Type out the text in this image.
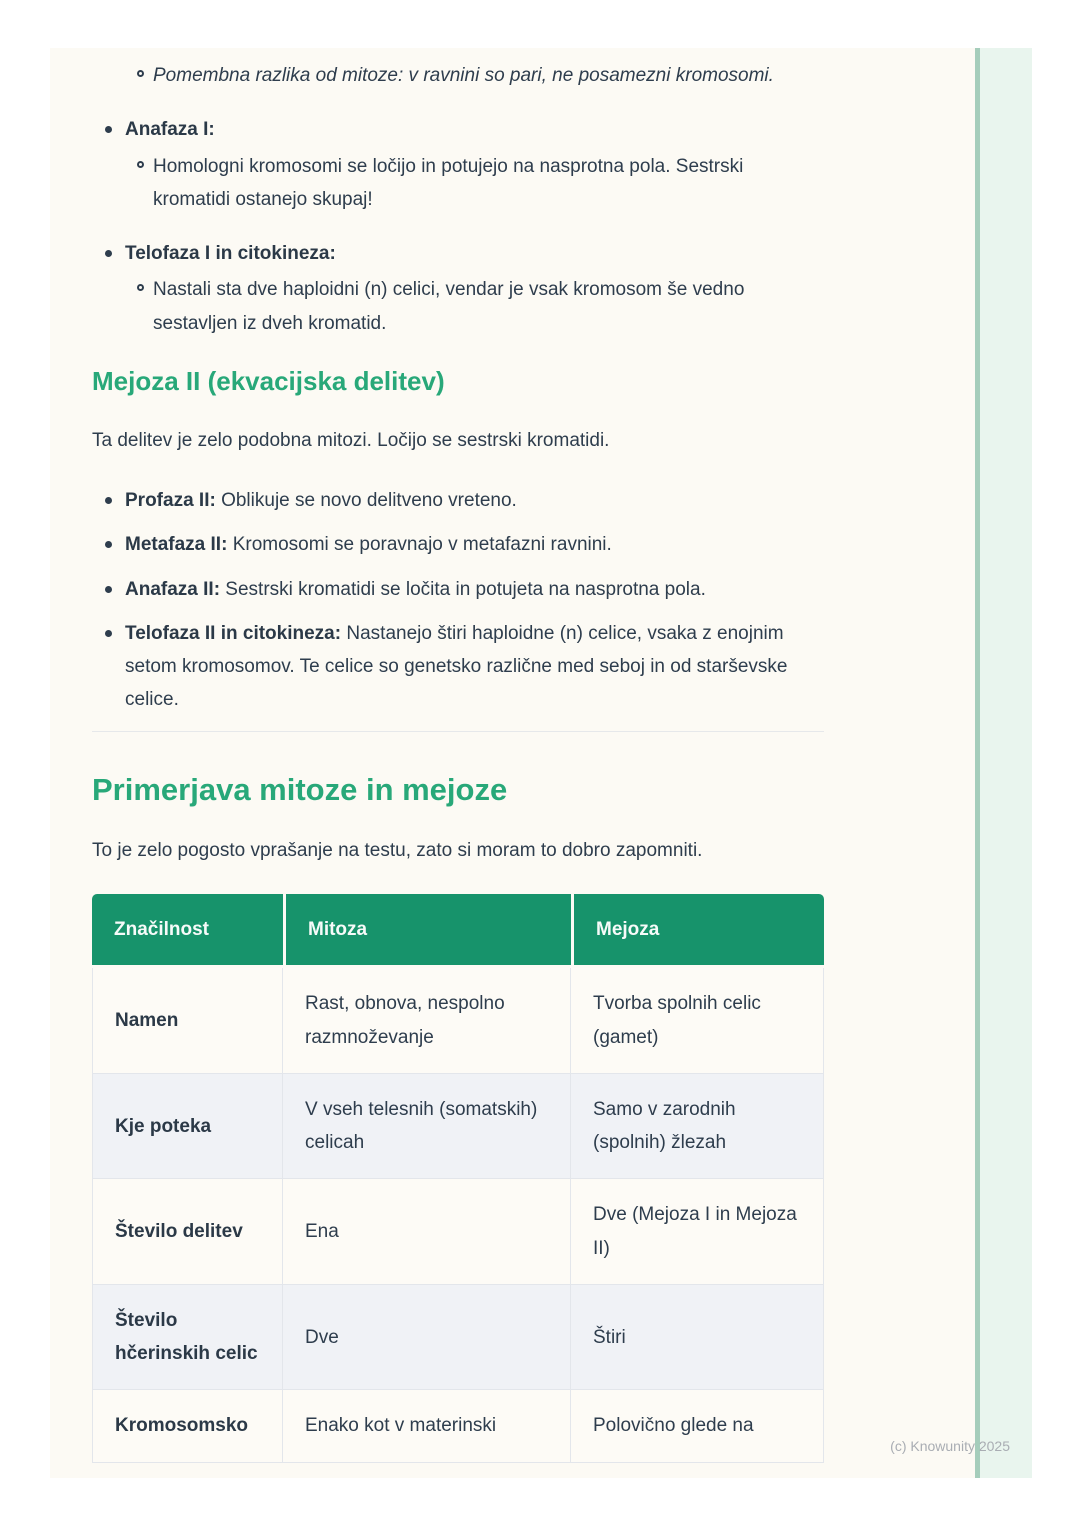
Pomembna razlika od mitoze: v ravnini so pari, ne posamezni kromosomi.
Anafaza I:
Homologni kromosomi se ločijo in potujejo na nasprotna pola. Sestrski kromatidi ostanejo skupaj!
Telofaza I in citokineza:
Nastali sta dve haploidni (n) celici, vendar je vsak kromosom še vedno sestavljen iz dveh kromatid.
Mejoza II (ekvacijska delitev)

Ta delitev je zelo podobna mitozi. Ločijo se sestrski kromatidi.

Profaza II: Oblikuje se novo delitveno vreteno.
Metafaza II: Kromosomi se poravnajo v metafazni ravnini.
Anafaza II: Sestrski kromatidi se ločita in potujeta na nasprotna pola.
Telofaza II in citokineza: Nastanejo štiri haploidne (n) celice, vsaka z enojnim setom kromosomov. Te celice so genetsko različne med seboj in od starševske celice.
Primerjava mitoze in mejoze

To je zelo pogosto vprašanje na testu, zato si moram to dobro zapomniti.

Značilnost	Mitoza	Mejoza
Namen	Rast, obnova, nespolno razmnoževanje	Tvorba spolnih celic (gamet)
Kje poteka	V vseh telesnih (somatskih) celicah	Samo v zarodnih (spolnih) žlezah
Število delitev	Ena	Dve (Mejoza I in Mejoza II)
Število hčerinskih celic	Dve	Štiri
Kromosomsko	Enako kot v materinski	Polovično glede na
(c) Knowunity 2025
